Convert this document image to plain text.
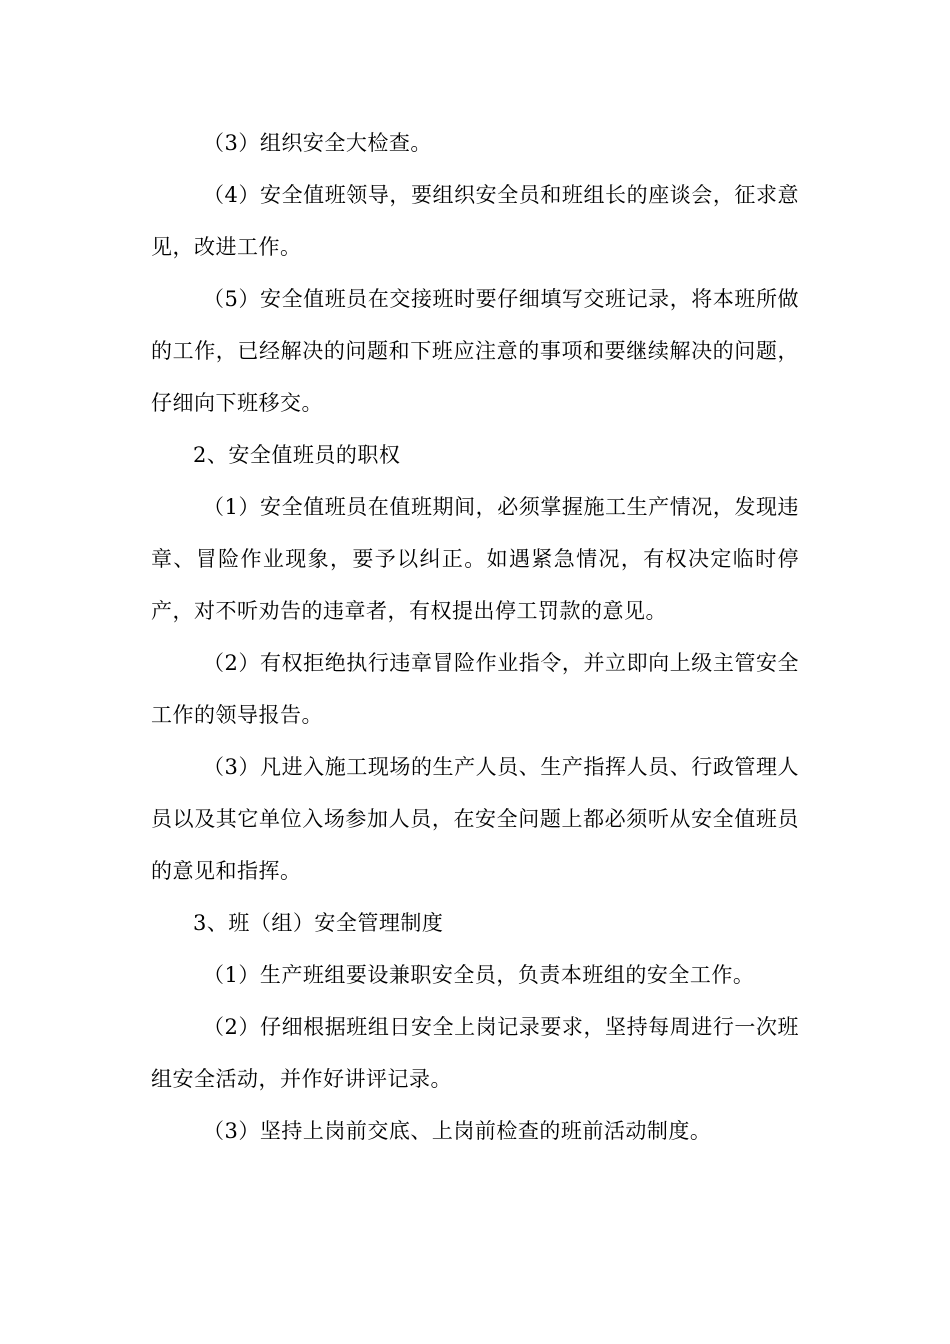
（3）组织安全大检查。

（4）安全值班领导，要组织安全员和班组长的座谈会，征求意见，改进工作。

（5）安全值班员在交接班时要仔细填写交班记录，将本班所做的工作，已经解决的问题和下班应注意的事项和要继续解决的问题，仔细向下班移交。

2、安全值班员的职权

（1）安全值班员在值班期间，必须掌握施工生产情况，发现违章、冒险作业现象，要予以纠正。如遇紧急情况，有权决定临时停产，对不听劝告的违章者，有权提出停工罚款的意见。

（2）有权拒绝执行违章冒险作业指令，并立即向上级主管安全工作的领导报告。

（3）凡进入施工现场的生产人员、生产指挥人员、行政管理人员以及其它单位入场参加人员，在安全问题上都必须听从安全值班员的意见和指挥。

3、班（组）安全管理制度

（1）生产班组要设兼职安全员，负责本班组的安全工作。

（2）仔细根据班组日安全上岗记录要求，坚持每周进行一次班组安全活动，并作好讲评记录。

（3）坚持上岗前交底、上岗前检查的班前活动制度。
